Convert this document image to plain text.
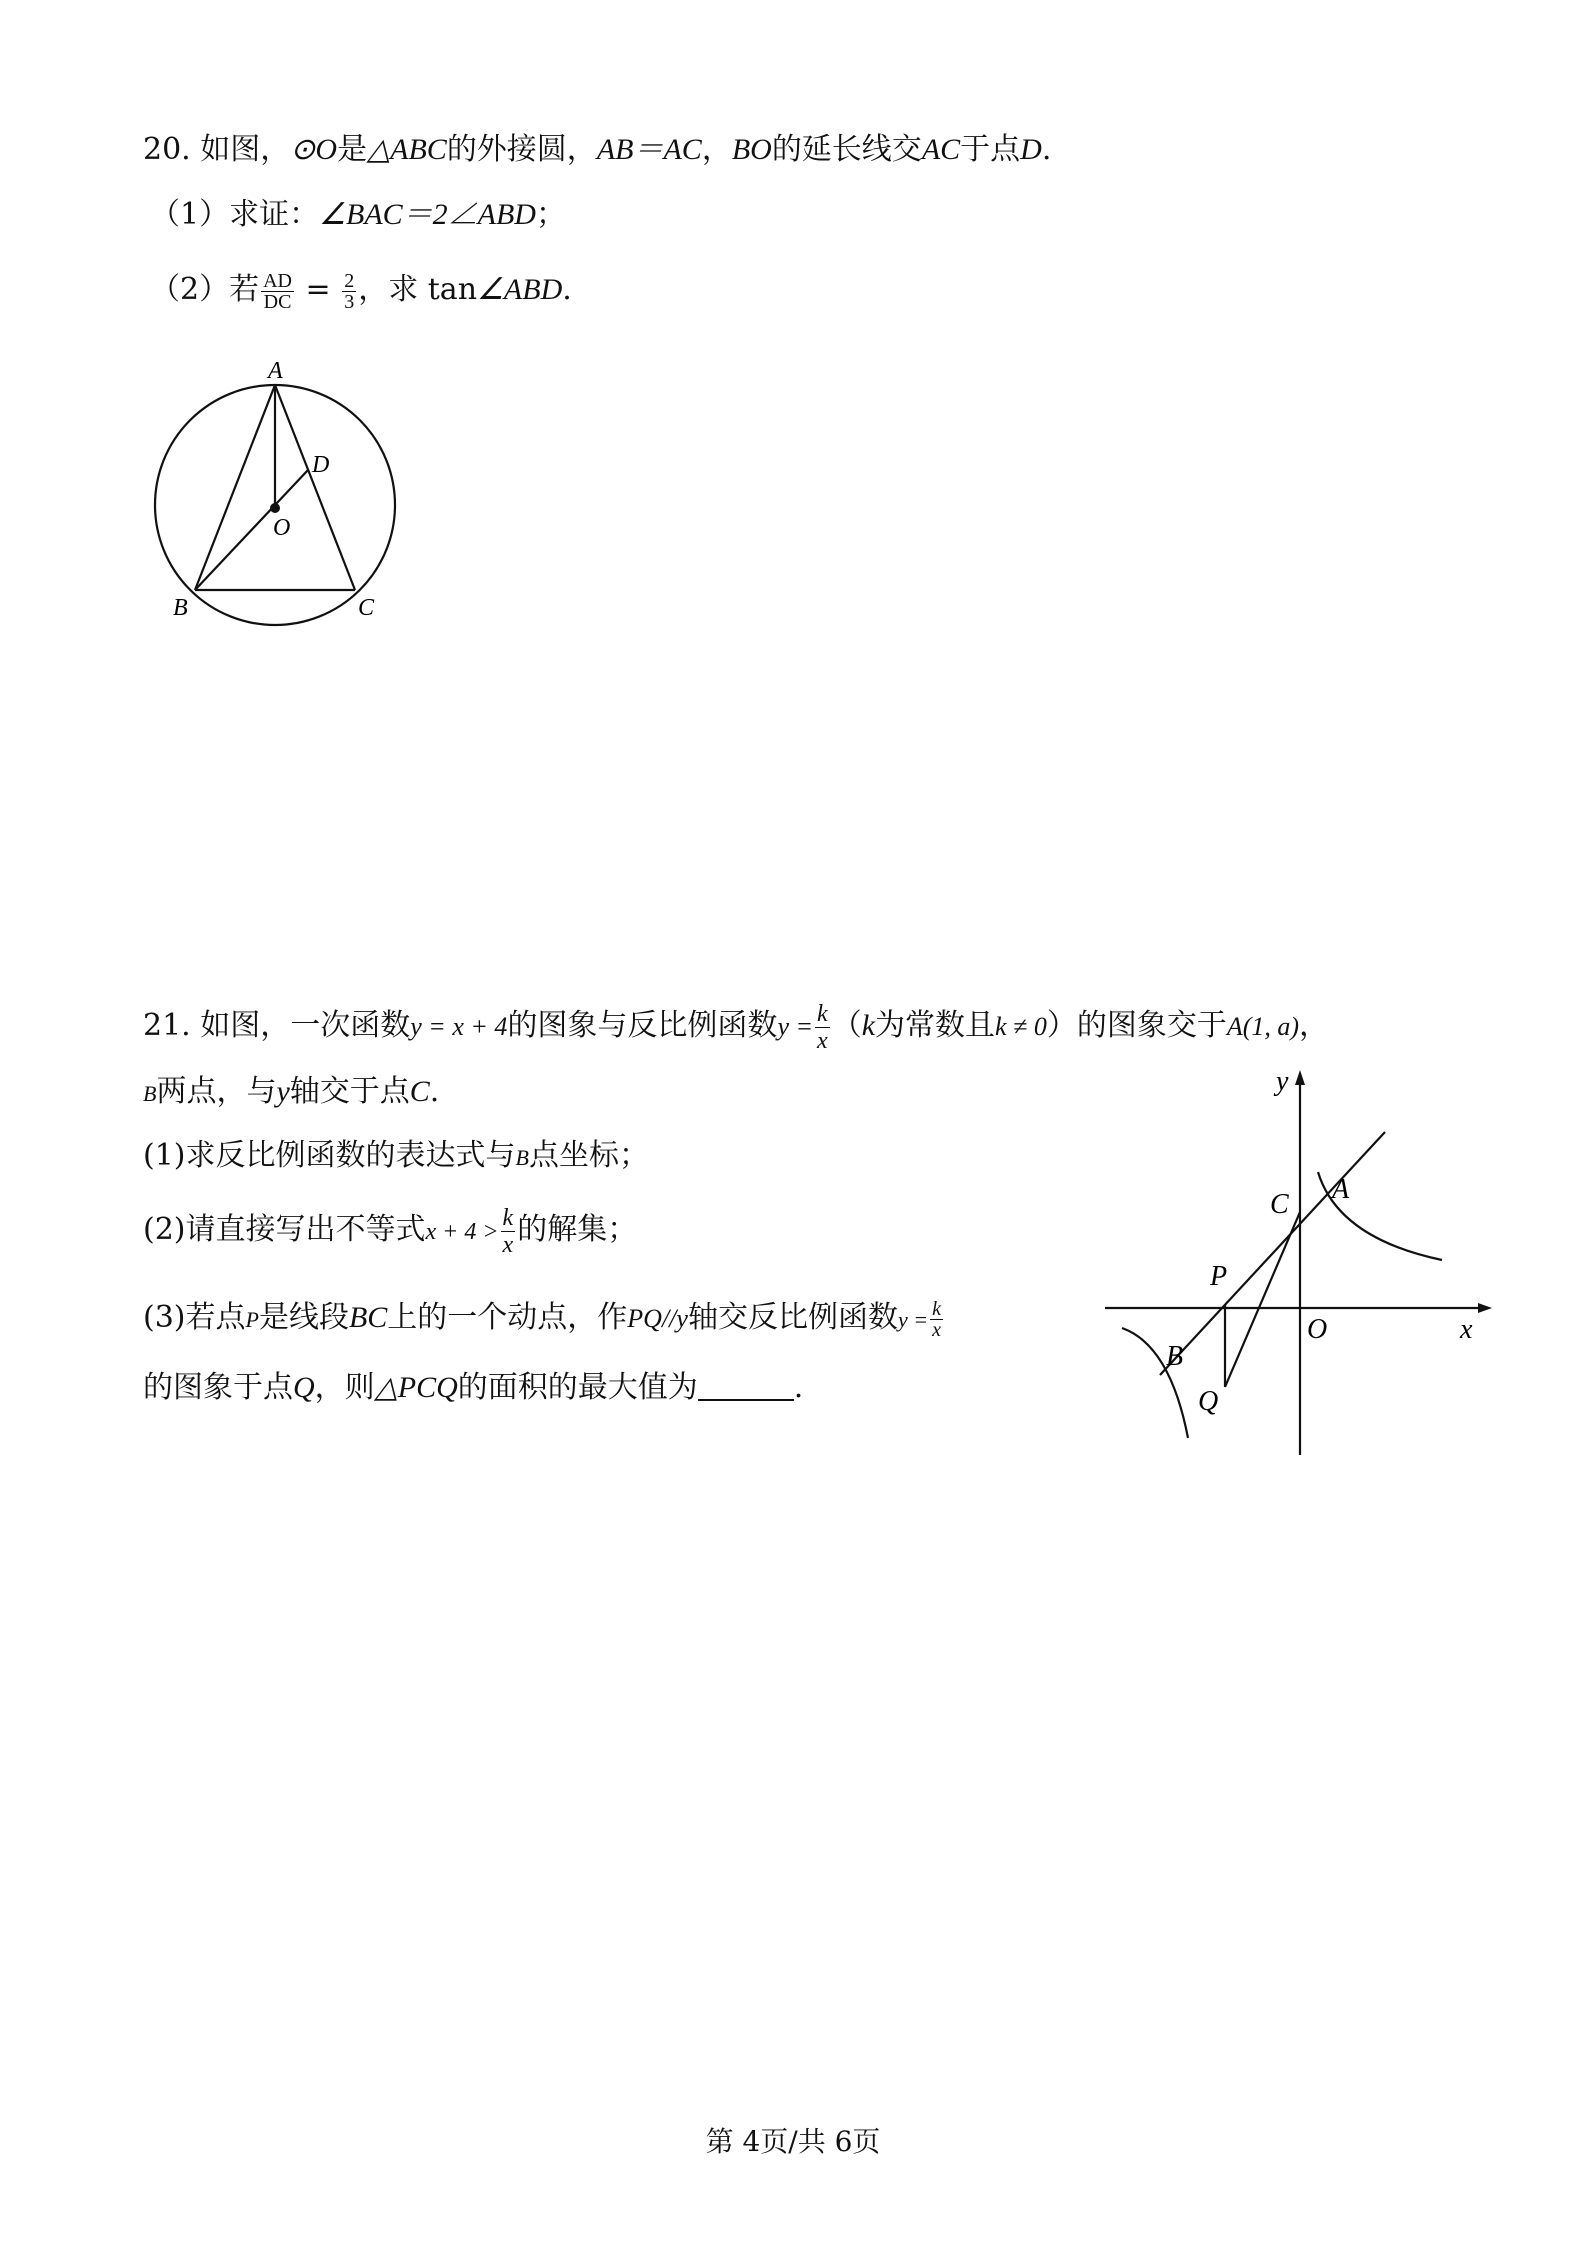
20. 如图，⊙O是△ABC的外接圆，AB＝AC，BO的延长线交AC于点D.
（1）求证：∠BAC＝2∠ABD；
（2）若 $\frac{AD}{DC} = \frac{2}{3}$ ，求 tan∠ABD.
A
D
O
B	C
21. 如图，一次函数y = x + 4的图象与反比例函数$y = \frac{k}{x} (k$为常数且k ≠ 0）的图象交于A(1, a)，
B两点，与y轴交于点C.
(1)求反比例函数的表达式与B点坐标；
(2)请直接写出不等式$x + 4 > \frac{k}{x}$ 的解集；
(3)若点P是线段BC上的一个动点，作PQ//y轴交反比例函数$y = \frac{k}{x}$
的图象于点Q，则△PCQ的面积的最大值为	.
y
x
O
A
C
P
B
Q
第 4页/共 6页
